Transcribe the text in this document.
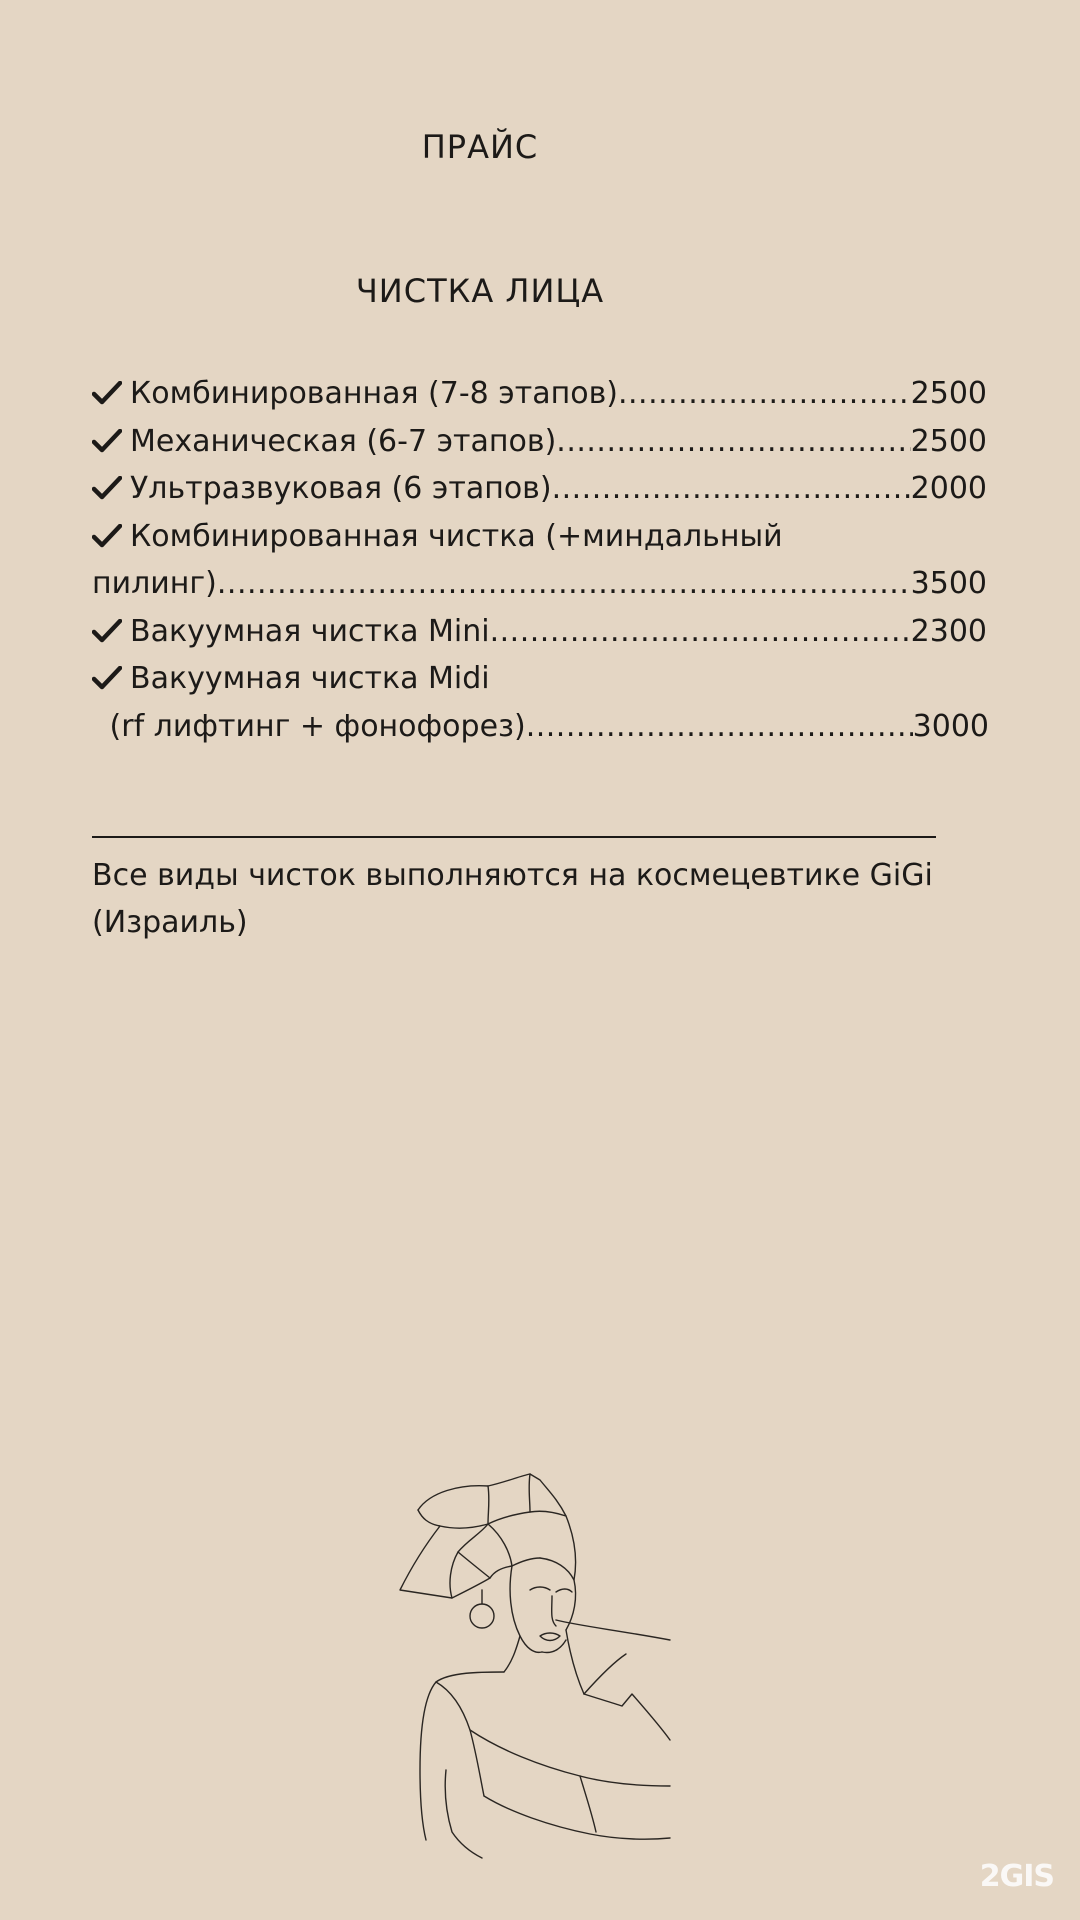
ПРАЙС
ЧИСТКА ЛИЦА
Комбинированная (7-8 этапов) .....	2500
Механическая (6-7 этапов) .....	2500
Ультразвуковая (6 этапов) .....	2000
Комбинированная чистка (+миндальный
пилинг) .....	3500
Вакуумная чистка Mini .....	2300
Вакуумная чистка Midi
(rf лифтинг + фонофорез) .....	3000
Все виды чисток выполняются на космецевтике GiGi
(Израиль)
2GIS
